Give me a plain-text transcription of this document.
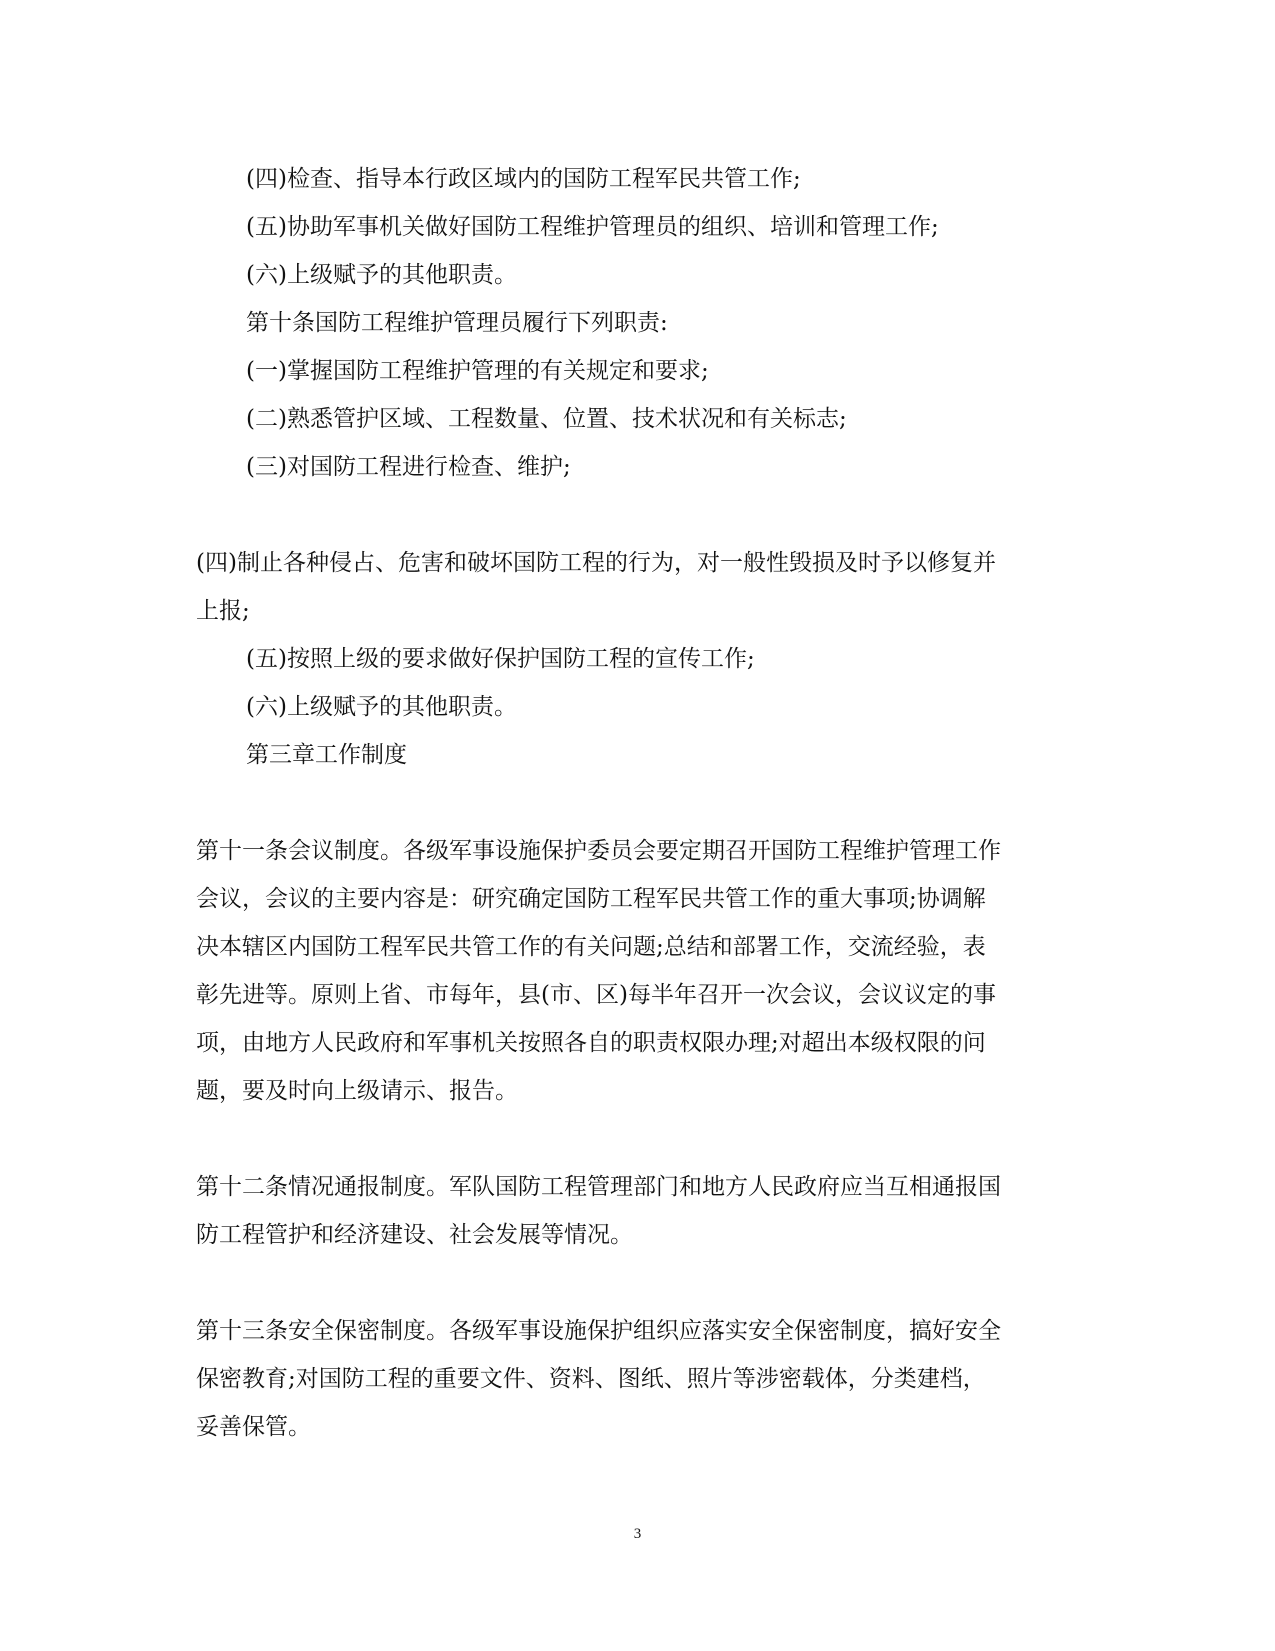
(四)检查、指导本行政区域内的国防工程军民共管工作;
(五)协助军事机关做好国防工程维护管理员的组织、培训和管理工作;
(六)上级赋予的其他职责。
第十条国防工程维护管理员履行下列职责:
(一)掌握国防工程维护管理的有关规定和要求;
(二)熟悉管护区域、工程数量、位置、技术状况和有关标志;
(三)对国防工程进行检查、维护;
(四)制止各种侵占、危害和破坏国防工程的行为，对一般性毁损及时予以修复并
上报;
(五)按照上级的要求做好保护国防工程的宣传工作;
(六)上级赋予的其他职责。
第三章工作制度
第十一条会议制度。各级军事设施保护委员会要定期召开国防工程维护管理工作
会议，会议的主要内容是：研究确定国防工程军民共管工作的重大事项;协调解
决本辖区内国防工程军民共管工作的有关问题;总结和部署工作，交流经验，表
彰先进等。原则上省、市每年，县(市、区)每半年召开一次会议，会议议定的事
项，由地方人民政府和军事机关按照各自的职责权限办理;对超出本级权限的问
题，要及时向上级请示、报告。
第十二条情况通报制度。军队国防工程管理部门和地方人民政府应当互相通报国
防工程管护和经济建设、社会发展等情况。
第十三条安全保密制度。各级军事设施保护组织应落实安全保密制度，搞好安全
保密教育;对国防工程的重要文件、资料、图纸、照片等涉密载体，分类建档，
妥善保管。
3
